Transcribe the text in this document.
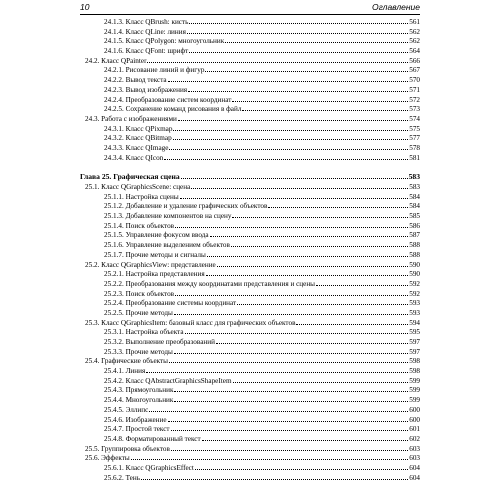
10	Оглавление
24.1.3. Класс QBrush: кисть	561
24.1.4. Класс QLine: линия	562
24.1.5. Класс QPolygon: многоугольник	562
24.1.6. Класс QFont: шрифт	564
24.2. Класс QPainter	566
24.2.1. Рисование линий и фигур	567
24.2.2. Вывод текста	570
24.2.3. Вывод изображения	571
24.2.4. Преобразование систем координат	572
24.2.5. Сохранение команд рисования в файл	573
24.3. Работа с изображениями	574
24.3.1. Класс QPixmap	575
24.3.2. Класс QBitmap	577
24.3.3. Класс QImage	578
24.3.4. Класс QIcon	581
Глава 25. Графическая сцена	583
25.1. Класс QGraphicsScene: сцена	583
25.1.1. Настройка сцены	584
25.1.2. Добавление и удаление графических объектов	584
25.1.3. Добавление компонентов на сцену	585
25.1.4. Поиск объектов	586
25.1.5. Управление фокусом ввода	587
25.1.6. Управление выделением объектов	588
25.1.7. Прочие методы и сигналы	588
25.2. Класс QGraphicsView: представление	590
25.2.1. Настройка представления	590
25.2.2. Преобразования между координатами представления и сцены	592
25.2.3. Поиск объектов	592
25.2.4. Преобразование системы координат	593
25.2.5. Прочие методы	593
25.3. Класс QGraphicsItem: базовый класс для графических объектов	594
25.3.1. Настройка объекта	595
25.3.2. Выполнение преобразований	597
25.3.3. Прочие методы	597
25.4. Графические объекты	598
25.4.1. Линия	598
25.4.2. Класс QAbstractGraphicsShapeItem	599
25.4.3. Прямоугольник	599
25.4.4. Многоугольник	599
25.4.5. Эллипс	600
25.4.6. Изображение	600
25.4.7. Простой текст	601
25.4.8. Форматированный текст	602
25.5. Группировка объектов	603
25.6. Эффекты	603
25.6.1. Класс QGraphicsEffect	604
25.6.2. Тень	604
